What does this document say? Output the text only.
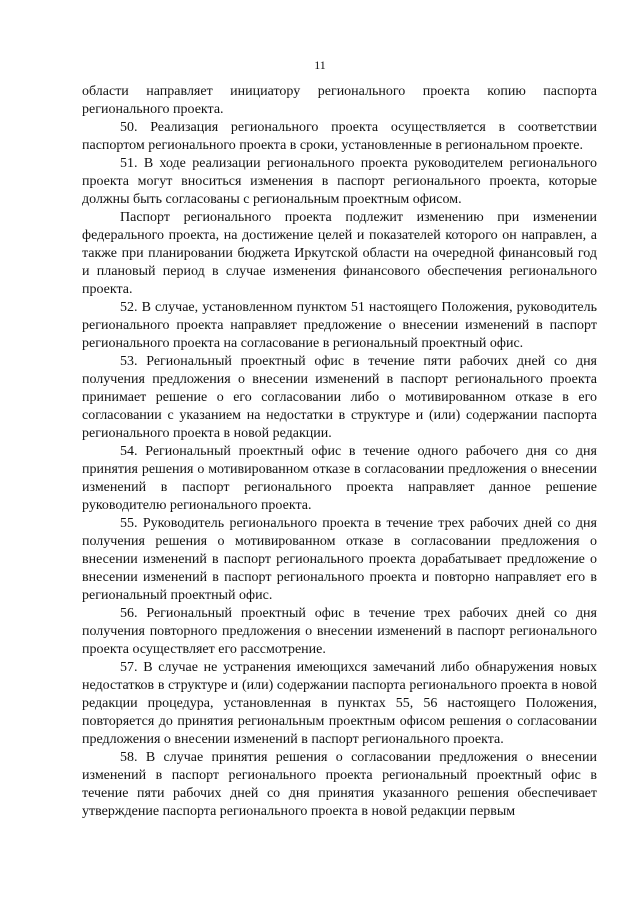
11

области направляет инициатору регионального проекта копию паспорта регионального проекта.

50. Реализация регионального проекта осуществляется в соответствии паспортом регионального проекта в сроки, установленные в региональном проекте.

51. В ходе реализации регионального проекта руководителем регионального проекта могут вноситься изменения в паспорт регионального проекта, которые должны быть согласованы с региональным проектным офисом.

Паспорт регионального проекта подлежит изменению при изменении федерального проекта, на достижение целей и показателей которого он направлен, а также при планировании бюджета Иркутской области на очередной финансовый год и плановый период в случае изменения финансового обеспечения регионального проекта.

52. В случае, установленном пунктом 51 настоящего Положения, руководитель регионального проекта направляет предложение о внесении изменений в паспорт регионального проекта на согласование в региональный проектный офис.

53. Региональный проектный офис в течение пяти рабочих дней со дня получения предложения о внесении изменений в паспорт регионального проекта принимает решение о его согласовании либо о мотивированном отказе в его согласовании с указанием на недостатки в структуре и (или) содержании паспорта регионального проекта в новой редакции.

54. Региональный проектный офис в течение одного рабочего дня со дня принятия решения о мотивированном отказе в согласовании предложения о внесении изменений в паспорт регионального проекта направляет данное решение руководителю регионального проекта.

55. Руководитель регионального проекта в течение трех рабочих дней со дня получения решения о мотивированном отказе в согласовании предложения о внесении изменений в паспорт регионального проекта дорабатывает предложение о внесении изменений в паспорт регионального проекта и повторно направляет его в региональный проектный офис.

56. Региональный проектный офис в течение трех рабочих дней со дня получения повторного предложения о внесении изменений в паспорт регионального проекта осуществляет его рассмотрение.

57. В случае не устранения имеющихся замечаний либо обнаружения новых недостатков в структуре и (или) содержании паспорта регионального проекта в новой редакции процедура, установленная в пунктах 55, 56 настоящего Положения, повторяется до принятия региональным проектным офисом решения о согласовании предложения о внесении изменений в паспорт регионального проекта.

58. В случае принятия решения о согласовании предложения о внесении изменений в паспорт регионального проекта региональный проектный офис в течение пяти рабочих дней со дня принятия указанного решения обеспечивает утверждение паспорта регионального проекта в новой редакции первым
